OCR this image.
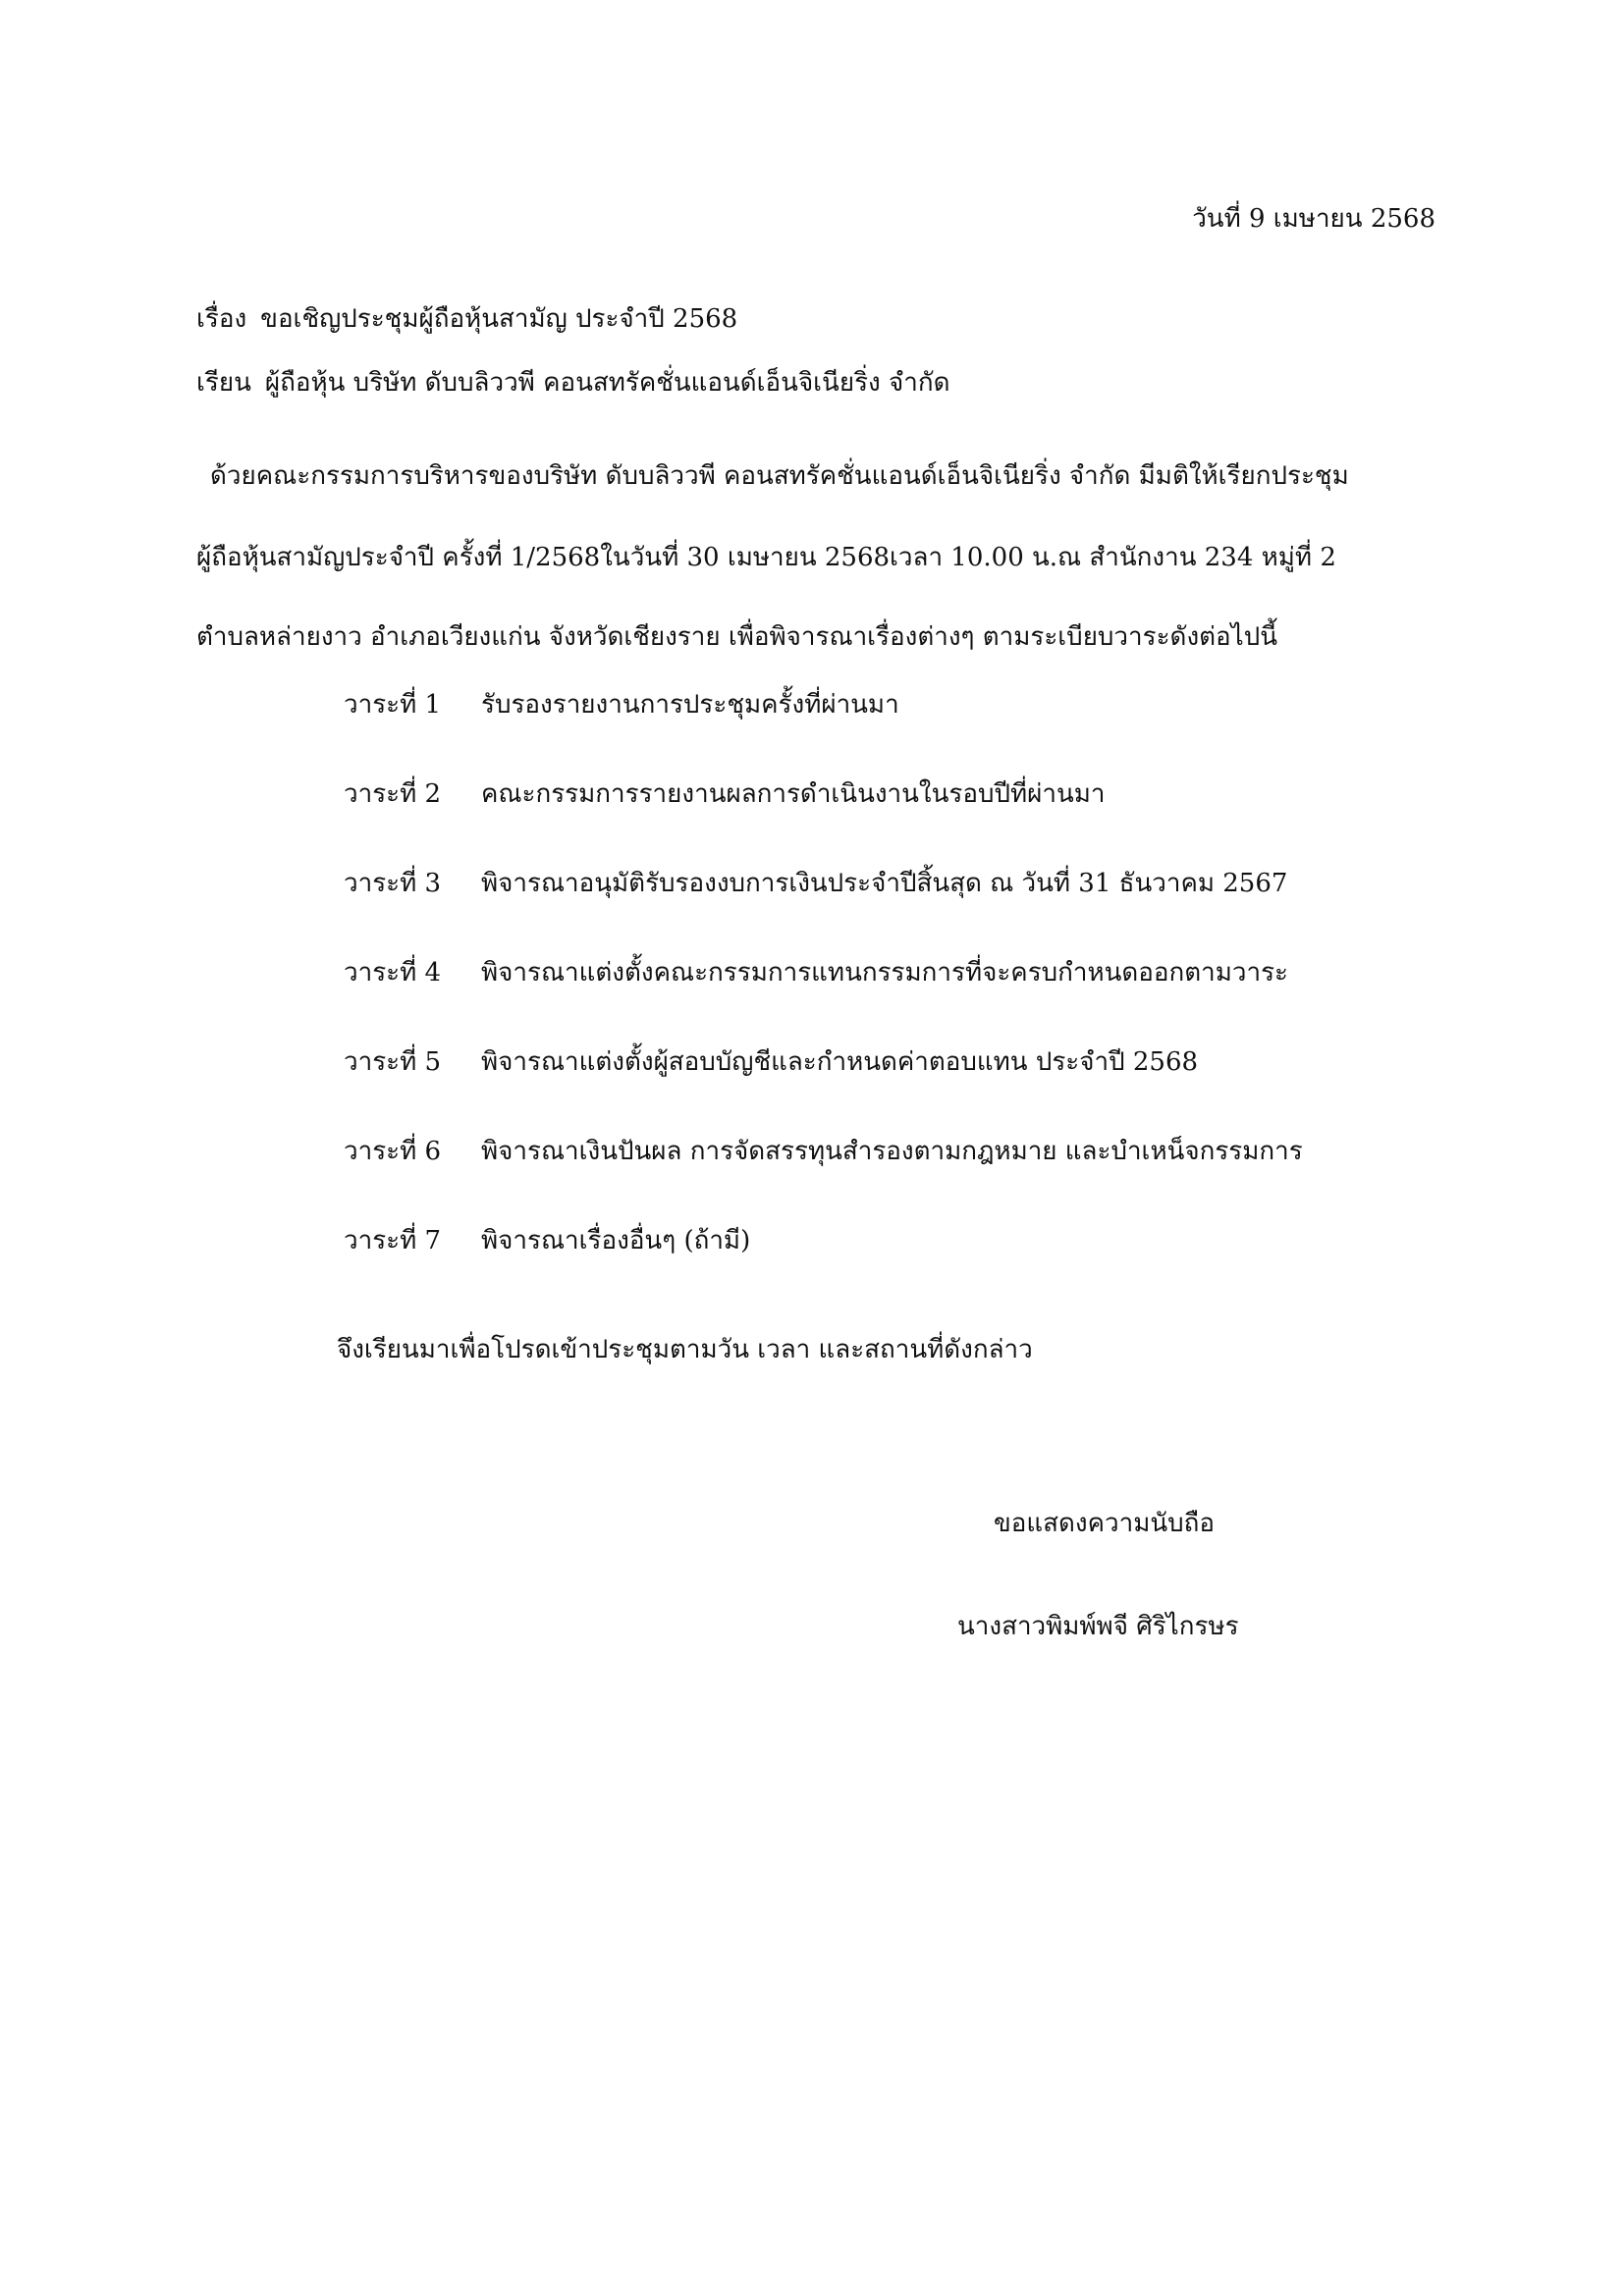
วันที่ 9 เมษายน 2568
เรื่อง ขอเชิญประชุมผู้ถือหุ้นสามัญ ประจำปี 2568
เรียน ผู้ถือหุ้น บริษัท ดับบลิววพี คอนสทรัคชั่นแอนด์เอ็นจิเนียริ่ง จำกัด
ด้วยคณะกรรมการบริหารของบริษัท ดับบลิววพี คอนสทรัคชั่นแอนด์เอ็นจิเนียริ่ง จำกัด มีมติให้เรียกประชุม
ผู้ถือหุ้นสามัญประจำปี ครั้งที่ 1/2568ในวันที่ 30 เมษายน 2568เวลา 10.00 น.ณ สำนักงาน 234 หมู่ที่ 2
ตำบลหล่ายงาว อำเภอเวียงแก่น จังหวัดเชียงราย เพื่อพิจารณาเรื่องต่างๆ ตามระเบียบวาระดังต่อไปนี้
วาระที่ 1 รับรองรายงานการประชุมครั้งที่ผ่านมา
วาระที่ 2 คณะกรรมการรายงานผลการดำเนินงานในรอบปีที่ผ่านมา
วาระที่ 3 พิจารณาอนุมัติรับรองงบการเงินประจำปีสิ้นสุด ณ วันที่ 31 ธันวาคม 2567
วาระที่ 4 พิจารณาแต่งตั้งคณะกรรมการแทนกรรมการที่จะครบกำหนดออกตามวาระ
วาระที่ 5 พิจารณาแต่งตั้งผู้สอบบัญชีและกำหนดค่าตอบแทน ประจำปี 2568
วาระที่ 6 พิจารณาเงินปันผล การจัดสรรทุนสำรองตามกฎหมาย และบำเหน็จกรรมการ
วาระที่ 7 พิจารณาเรื่องอื่นๆ (ถ้ามี)
จึงเรียนมาเพื่อโปรดเข้าประชุมตามวัน เวลา และสถานที่ดังกล่าว
ขอแสดงความนับถือ
นางสาวพิมพ์พจี ศิริไกรษร
